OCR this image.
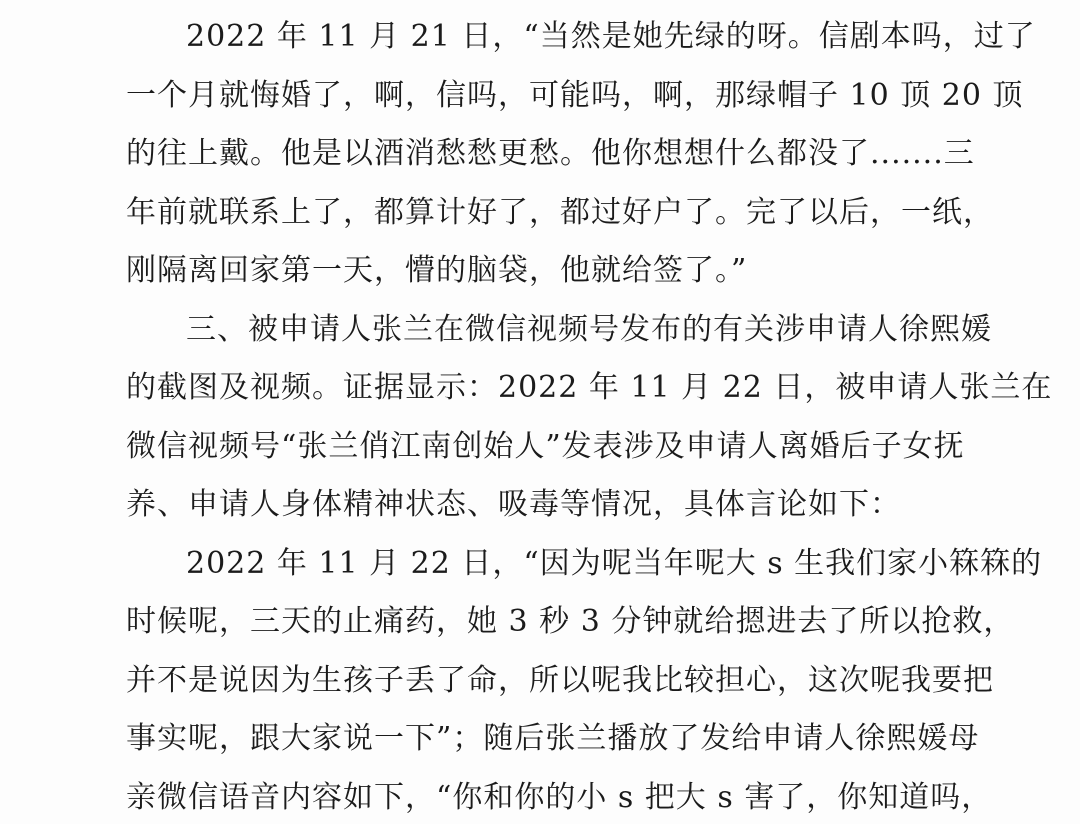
2022 年 11 月 21 日，“当然是她先绿的呀。信剧本吗，过了
一个月就悔婚了，啊，信吗，可能吗，啊，那绿帽子 10 顶 20 顶
的往上戴。他是以酒消愁愁更愁。他你想想什么都没了.......三
年前就联系上了，都算计好了，都过好户了。完了以后，一纸，
刚隔离回家第一天，懵的脑袋，他就给签了。”
三、被申请人张兰在微信视频号发布的有关涉申请人徐熙媛
的截图及视频。证据显示：2022 年 11 月 22 日，被申请人张兰在
微信视频号“张兰俏江南创始人”发表涉及申请人离婚后子女抚
养、申请人身体精神状态、吸毒等情况，具体言论如下：
2022 年 11 月 22 日，“因为呢当年呢大 s 生我们家小箖箖的
时候呢，三天的止痛药，她 3 秒 3 分钟就给摁进去了所以抢救，
并不是说因为生孩子丢了命，所以呢我比较担心，这次呢我要把
事实呢，跟大家说一下”；随后张兰播放了发给申请人徐熙媛母
亲微信语音内容如下，“你和你的小 s 把大 s 害了，你知道吗，
